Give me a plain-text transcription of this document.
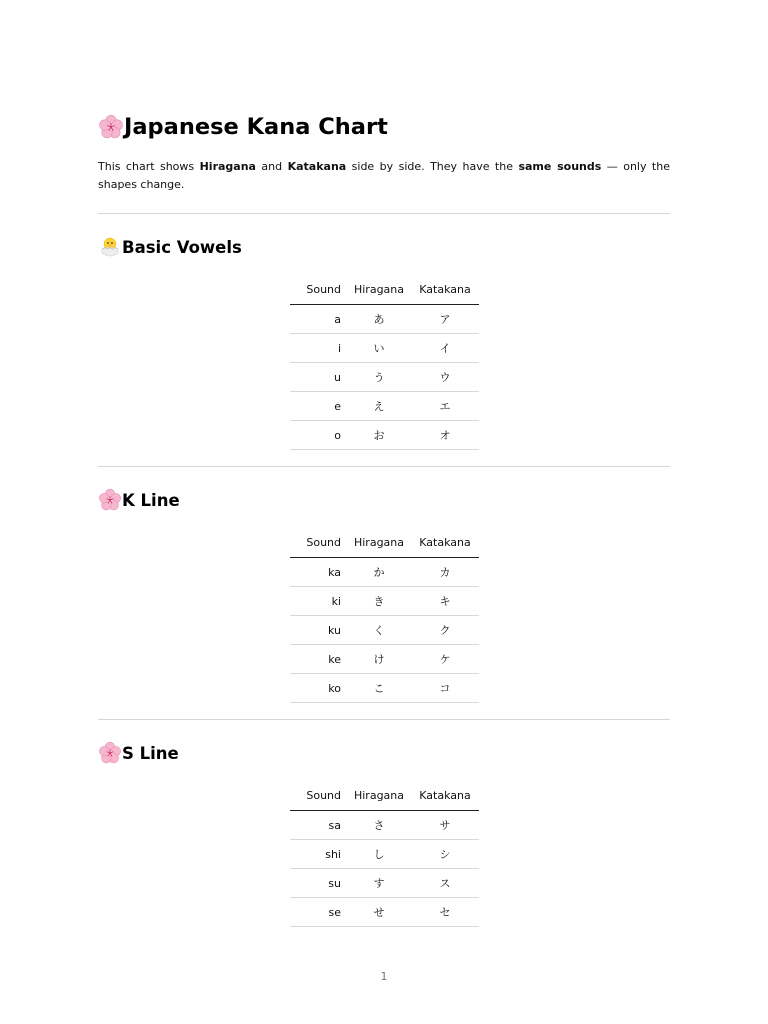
Japanese Kana Chart
This chart shows Hiragana and Katakana side by side. They have the same sounds — only the shapes change.
Basic Vowels
Sound	Hiragana	Katakana
a	あ	ア
i	い	イ
u	う	ウ
e	え	エ
o	お	オ
K Line
Sound	Hiragana	Katakana
ka	か	カ
ki	き	キ
ku	く	ク
ke	け	ケ
ko	こ	コ
S Line
Sound	Hiragana	Katakana
sa	さ	サ
shi	し	シ
su	す	ス
se	せ	セ
1
